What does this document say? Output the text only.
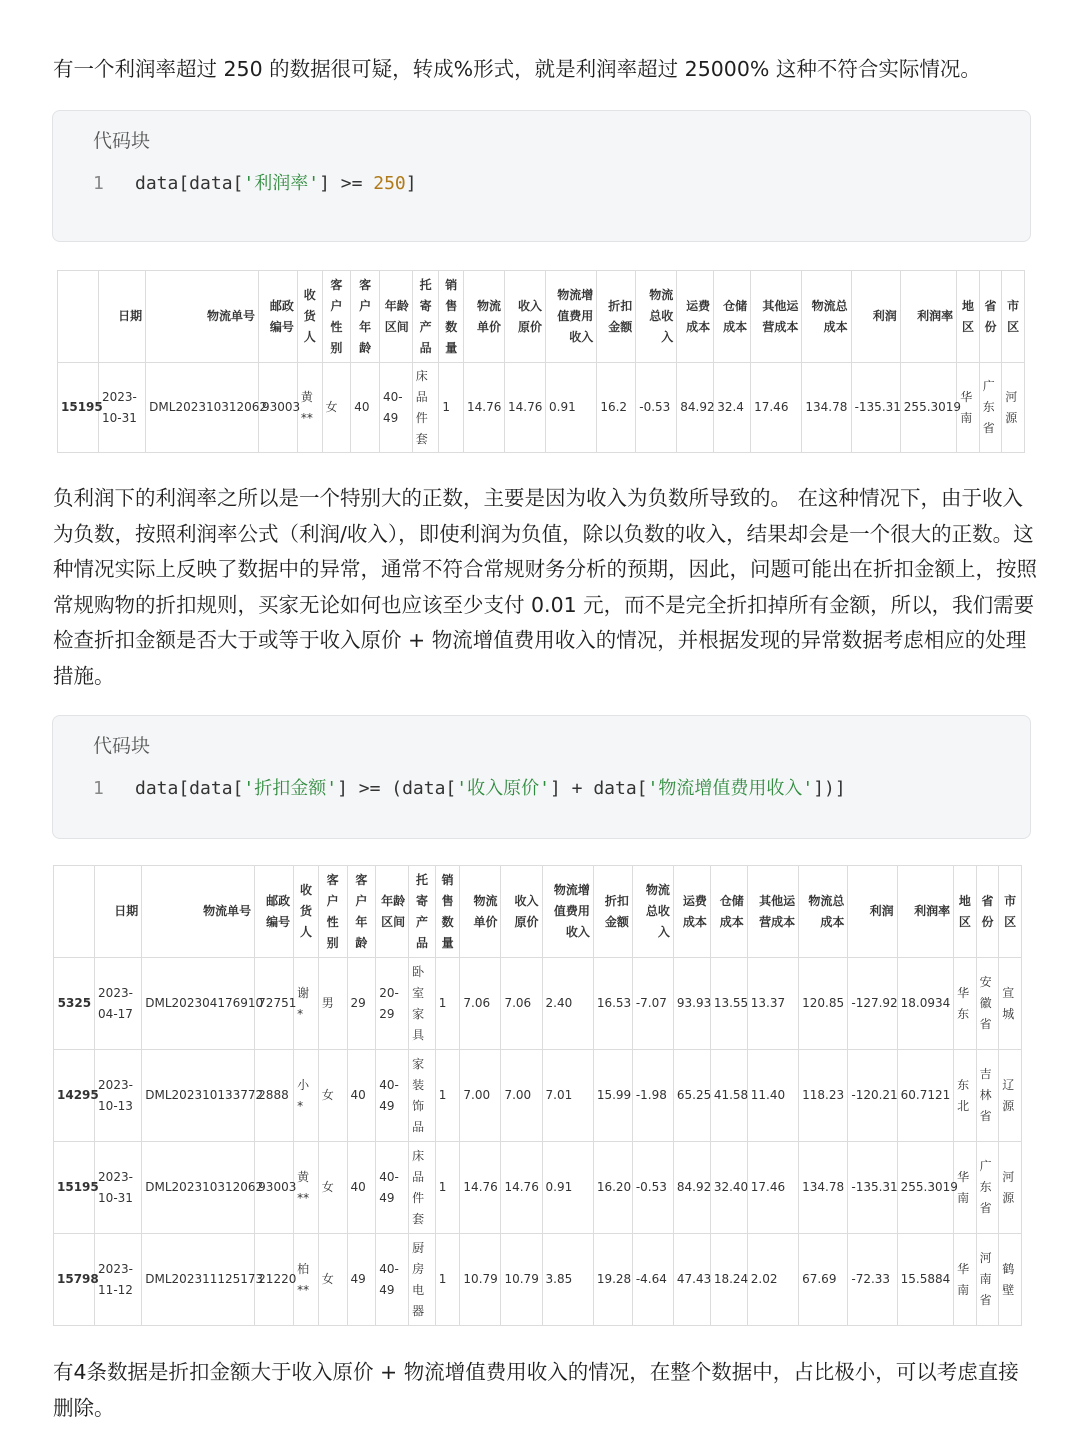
有一个利润率超过 250 的数据很可疑，转成%形式，就是利润率超过 25000% 这种不符合实际情况。
代码块
1 data[data['利润率'] >= 250]
	日期	物流单号	邮政编号	收货人	客户性别	客户年龄	年龄区间	托寄产品	销售数量	物流单价	收入原价	物流增值费用收入	折扣金额	物流总收入	运费成本	仓储成本	其他运营成本	物流总成本	利润	利润率	地区	省份	市区
15195	2023-10-31	DML202310312062	93003	黄**	女	40	40-49	床品件套	1	14.76	14.76	0.91	16.2	-0.53	84.92	32.4	17.46	134.78	-135.31	255.3019	华南	广东省	河源
负利润下的利润率之所以是一个特别大的正数，主要是因为收入为负数所导致的。 在这种情况下，由于收入为负数，按照利润率公式（利润/收入），即使利润为负值，除以负数的收入，结果却会是一个很大的正数。这种情况实际上反映了数据中的异常，通常不符合常规财务分析的预期，因此，问题可能出在折扣金额上，按照常规购物的折扣规则，买家无论如何也应该至少支付 0.01 元，而不是完全折扣掉所有金额，所以，我们需要检查折扣金额是否大于或等于收入原价 + 物流增值费用收入的情况，并根据发现的异常数据考虑相应的处理措施。
代码块
1 data[data['折扣金额'] >= (data['收入原价'] + data['物流增值费用收入'])]
	日期	物流单号	邮政编号	收货人	客户性别	客户年龄	年龄区间	托寄产品	销售数量	物流单价	收入原价	物流增值费用收入	折扣金额	物流总收入	运费成本	仓储成本	其他运营成本	物流总成本	利润	利润率	地区	省份	市区
5325	2023-04-17	DML202304176910	72751	谢*	男	29	20-29	卧室家具	1	7.06	7.06	2.40	16.53	-7.07	93.93	13.55	13.37	120.85	-127.92	18.0934	华东	安徽省	宣城
14295	2023-10-13	DML202310133772	2888	小*	女	40	40-49	家装饰品	1	7.00	7.00	7.01	15.99	-1.98	65.25	41.58	11.40	118.23	-120.21	60.7121	东北	吉林省	辽源
15195	2023-10-31	DML202310312062	93003	黄**	女	40	40-49	床品件套	1	14.76	14.76	0.91	16.20	-0.53	84.92	32.40	17.46	134.78	-135.31	255.3019	华南	广东省	河源
15798	2023-11-12	DML202311125173	21220	柏**	女	49	40-49	厨房电器	1	10.79	10.79	3.85	19.28	-4.64	47.43	18.24	2.02	67.69	-72.33	15.5884	华南	河南省	鹤壁
有4条数据是折扣金额大于收入原价 + 物流增值费用收入的情况，在整个数据中，占比极小，可以考虑直接删除。
